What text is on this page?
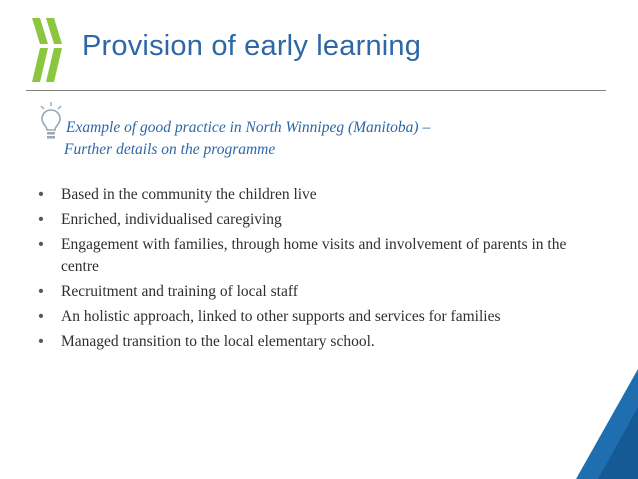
Provision of early learning
Example of good practice in North Winnipeg (Manitoba) –
Further details on the programme
• Based in the community the children live
• Enriched, individualised caregiving
• Engagement with families, through home visits and involvement of parents in the centre
• Recruitment and training of local staff
• An holistic approach, linked to other supports and services for families
• Managed transition to the local elementary school.
